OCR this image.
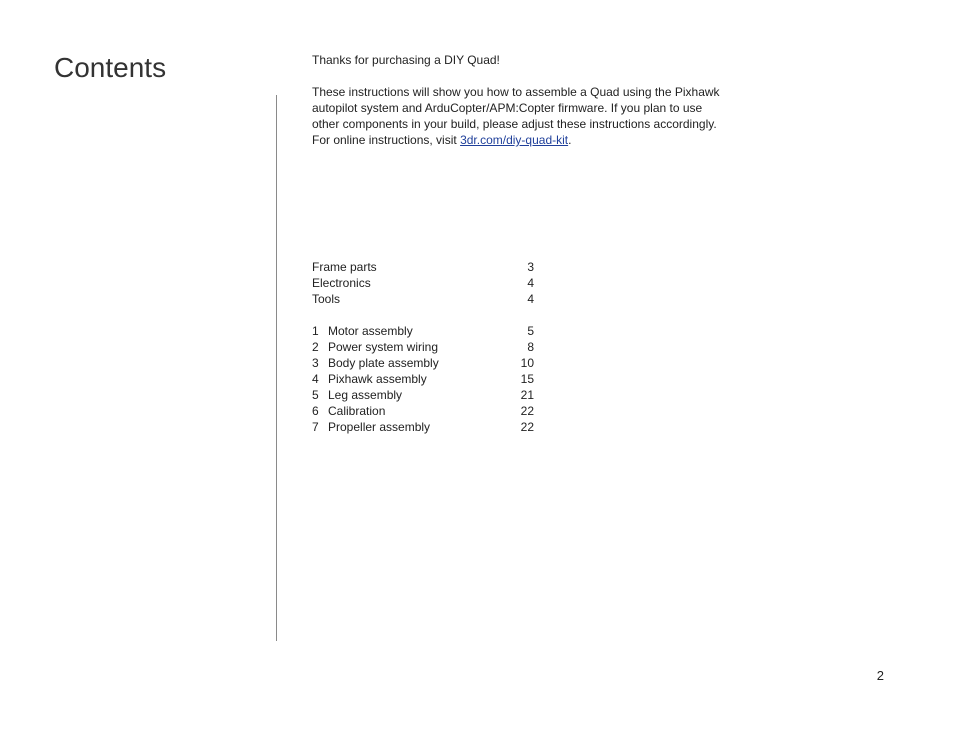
Contents	Thanks for purchasing a DIY Quad!

These instructions will show you how to assemble a Quad using the Pixhawk
autopilot system and ArduCopter/APM:Copter firmware. If you plan to use
other components in your build, please adjust these instructions accordingly.
For online instructions, visit 3dr.com/diy-quad-kit.

Frame parts	3
Electronics	4
Tools	4
1 Motor assembly	5
2 Power system wiring	8
3 Body plate assembly	10
4 Pixhawk assembly	15
5 Leg assembly	21
6 Calibration	22
7 Propeller assembly	22
2
